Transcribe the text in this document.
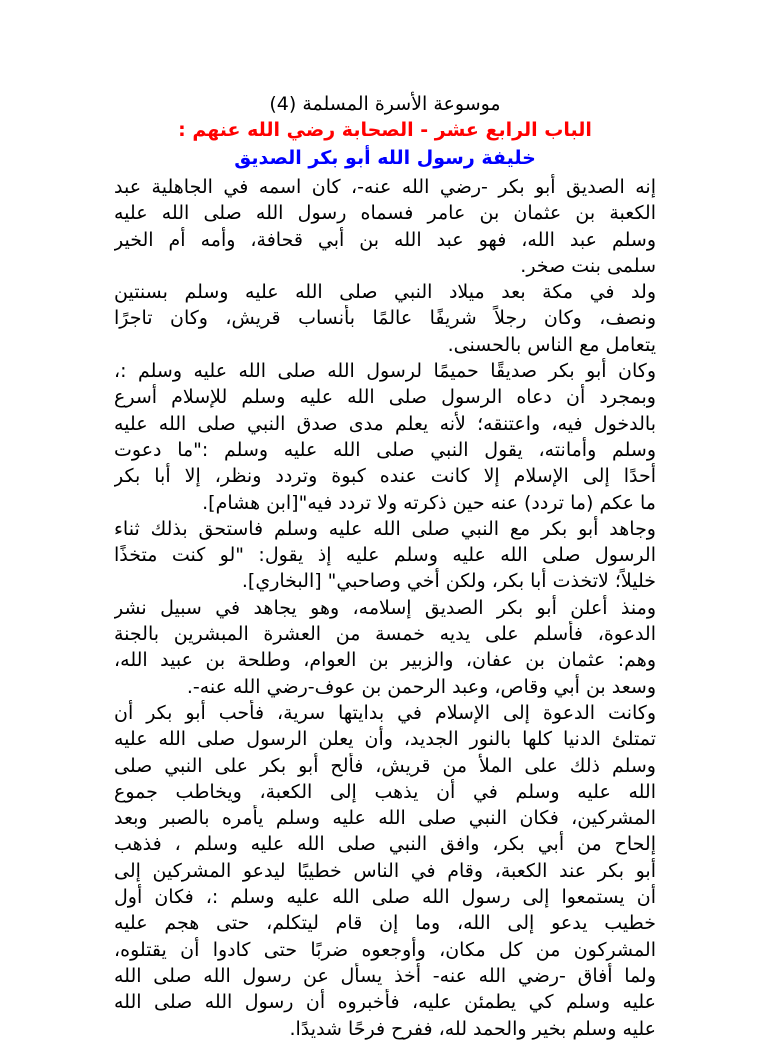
موسوعة الأسرة المسلمة (4)
الباب الرابع عشر - الصحابة رضي الله عنهم :
خليفة رسول الله أبو بكر الصديق
إنه الصديق أبو بكر -رضي الله عنه-، كان اسمه في الجاهلية عبد
الكعبة بن عثمان بن عامر فسماه رسول الله صلى الله عليه
وسلم عبد الله، فهو عبد الله بن أبي قحافة، وأمه أم الخير
سلمى بنت صخر.
ولد في مكة بعد ميلاد النبي صلى الله عليه وسلم بسنتين
ونصف، وكان رجلاً شريفًا عالمًا بأنساب قريش، وكان تاجرًا
يتعامل مع الناس بالحسنى.
وكان أبو بكر صديقًا حميمًا لرسول الله صلى الله عليه وسلم :،
وبمجرد أن دعاه الرسول صلى الله عليه وسلم للإسلام أسرع
بالدخول فيه، واعتنقه؛ لأنه يعلم مدى صدق النبي صلى الله عليه
وسلم وأمانته، يقول النبي صلى الله عليه وسلم :"ما دعوت
أحدًا إلى الإسلام إلا كانت عنده كبوة وتردد ونظر، إلا أبا بكر
ما عكم (ما تردد) عنه حين ذكرته ولا تردد فيه"[ابن هشام].
وجاهد أبو بكر مع النبي صلى الله عليه وسلم فاستحق بذلك ثناء
الرسول صلى الله عليه وسلم عليه إذ يقول: "لو كنت متخذًا
خليلاً؛ لاتخذت أبا بكر، ولكن أخي وصاحبي" [البخاري].
ومنذ أعلن أبو بكر الصديق إسلامه، وهو يجاهد في سبيل نشر
الدعوة، فأسلم على يديه خمسة من العشرة المبشرين بالجنة
وهم: عثمان بن عفان، والزبير بن العوام، وطلحة بن عبيد الله،
وسعد بن أبي وقاص، وعبد الرحمن بن عوف-رضي الله عنه-.
وكانت الدعوة إلى الإسلام في بدايتها سرية، فأحب أبو بكر أن
تمتلئ الدنيا كلها بالنور الجديد، وأن يعلن الرسول صلى الله عليه
وسلم ذلك على الملأ من قريش، فألح أبو بكر على النبي صلى
الله عليه وسلم في أن يذهب إلى الكعبة، ويخاطب جموع
المشركين، فكان النبي صلى الله عليه وسلم يأمره بالصبر وبعد
إلحاح من أبي بكر، وافق النبي صلى الله عليه وسلم ، فذهب
أبو بكر عند الكعبة، وقام في الناس خطيبًا ليدعو المشركين إلى
أن يستمعوا إلى رسول الله صلى الله عليه وسلم :، فكان أول
خطيب يدعو إلى الله، وما إن قام ليتكلم، حتى هجم عليه
المشركون من كل مكان، وأوجعوه ضربًا حتى كادوا أن يقتلوه،
ولما أفاق -رضي الله عنه- أخذ يسأل عن رسول الله صلى الله
عليه وسلم كي يطمئن عليه، فأخبروه أن رسول الله صلى الله
عليه وسلم بخير والحمد لله، ففرح فرحًا شديدًا.
